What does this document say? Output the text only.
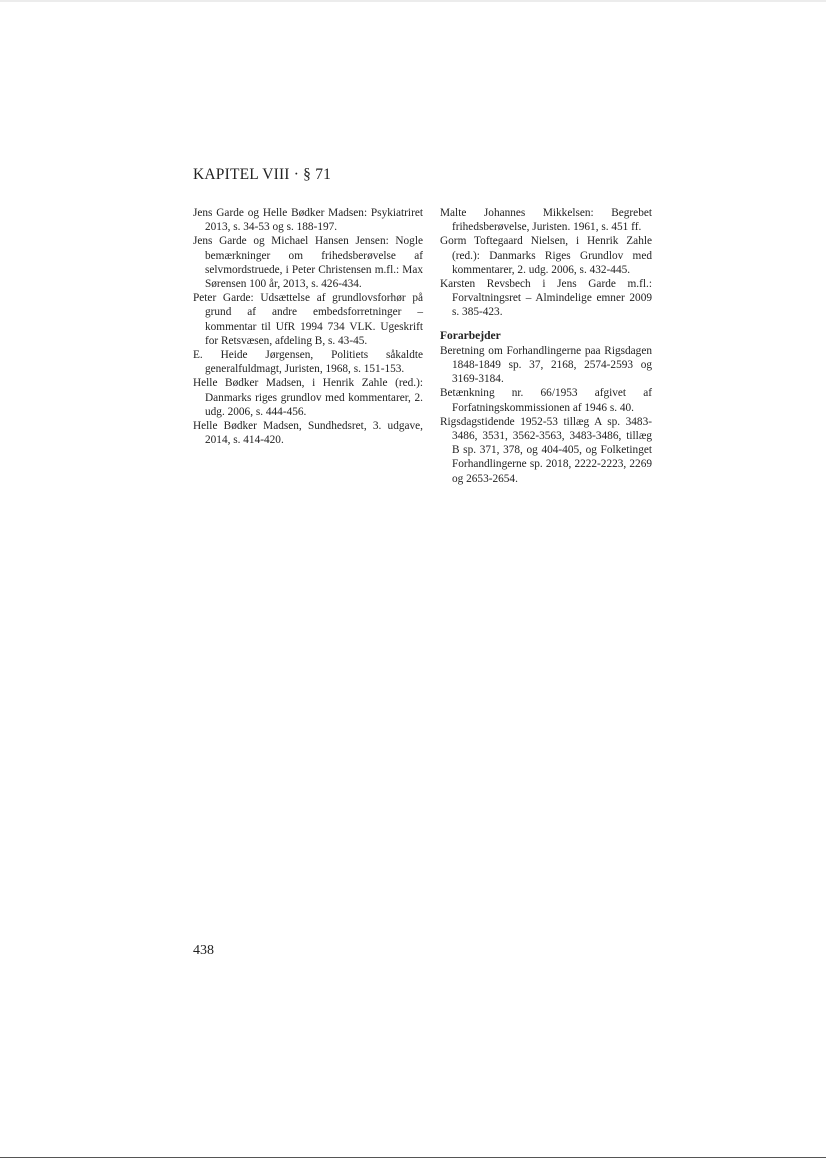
KAPITEL VIII · § 71

Jens Garde og Helle Bødker Madsen: Psykiatriret 2013, s. 34-53 og s. 188-197.

Jens Garde og Michael Hansen Jensen: Nogle bemærkninger om frihedsberøvelse af selvmordstruede, i Peter Christensen m.fl.: Max Sørensen 100 år, 2013, s. 426-434.

Peter Garde: Udsættelse af grundlovsforhør på grund af andre embedsforretninger – kommentar til UfR 1994 734 VLK. Ugeskrift for Retsvæsen, afdeling B, s. 43-45.

E. Heide Jørgensen, Politiets såkaldte generalfuldmagt, Juristen, 1968, s. 151-153.

Helle Bødker Madsen, i Henrik Zahle (red.): Danmarks riges grundlov med kommentarer, 2. udg. 2006, s. 444-456.

Helle Bødker Madsen, Sundhedsret, 3. udgave, 2014, s. 414-420.

Malte Johannes Mikkelsen: Begrebet frihedsberøvelse, Juristen. 1961, s. 451 ff.

Gorm Toftegaard Nielsen, i Henrik Zahle (red.): Danmarks Riges Grundlov med kommentarer, 2. udg. 2006, s. 432-445.

Karsten Revsbech i Jens Garde m.fl.: Forvaltningsret – Almindelige emner 2009 s. 385-423.

Forarbejder

Beretning om Forhandlingerne paa Rigsdagen 1848-1849 sp. 37, 2168, 2574-2593 og 3169-3184.

Betænkning nr. 66/1953 afgivet af Forfatningskommissionen af 1946 s. 40.

Rigsdagstidende 1952-53 tillæg A sp. 3483-3486, 3531, 3562-3563, 3483-3486, tillæg B sp. 371, 378, og 404-405, og Folketinget Forhandlingerne sp. 2018, 2222-2223, 2269 og 2653-2654.

438
